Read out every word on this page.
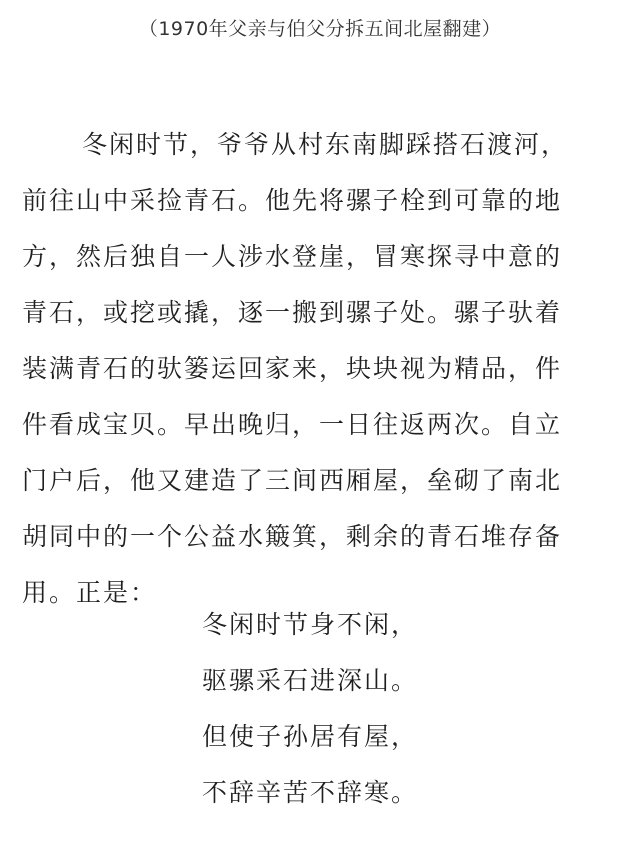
（1970年父亲与伯父分拆五间北屋翻建）
冬闲时节，爷爷从村东南脚踩搭石渡河，
前往山中采捡青石。他先将骡子栓到可靠的地
方，然后独自一人涉水登崖，冒寒探寻中意的
青石，或挖或撬，逐一搬到骡子处。骡子驮着
装满青石的驮篓运回家来，块块视为精品，件
件看成宝贝。早出晚归，一日往返两次。自立
门户后，他又建造了三间西厢屋，垒砌了南北
胡同中的一个公益水簸箕，剩余的青石堆存备
用。正是：
冬闲时节身不闲，
驱骡采石进深山。
但使子孙居有屋，
不辞辛苦不辞寒。
